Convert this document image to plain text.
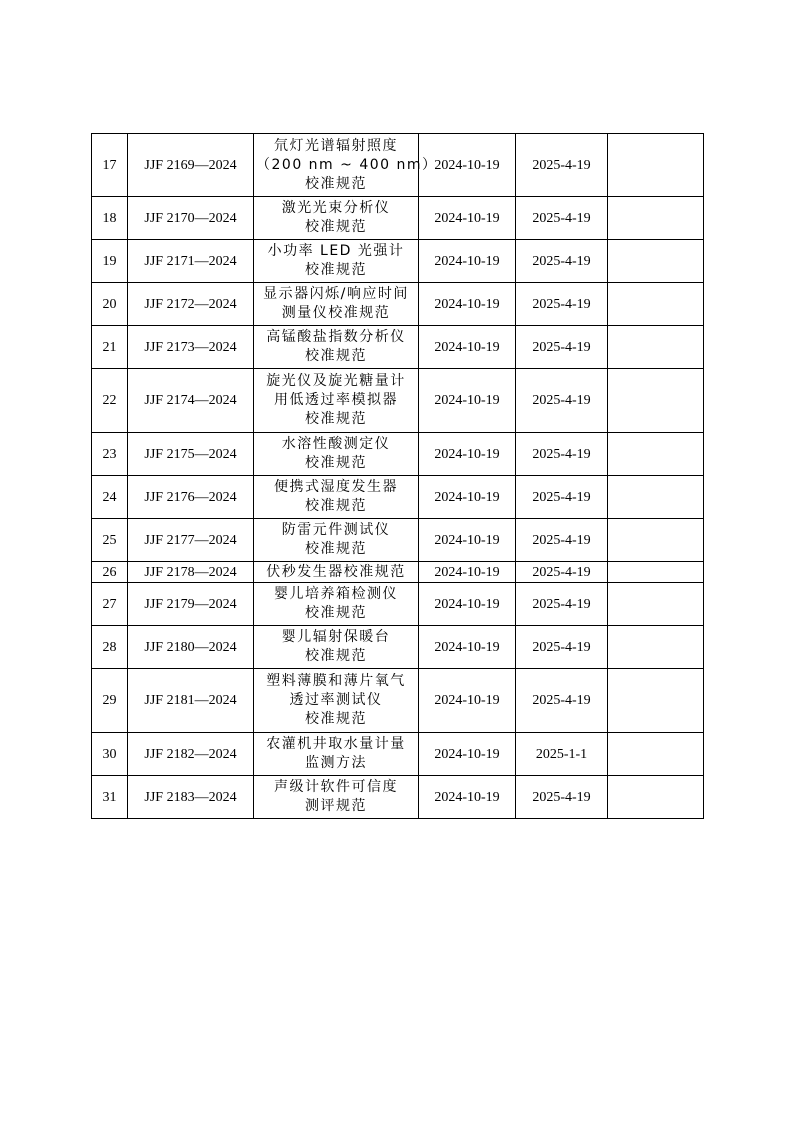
17	JJF 2169—2024	氘灯光谱辐射照度
（200 nm ~ 400 nm）
校准规范	2024-10-19	2025-4-19	
18	JJF 2170—2024	激光光束分析仪
校准规范	2024-10-19	2025-4-19	
19	JJF 2171—2024	小功率 LED 光强计
校准规范	2024-10-19	2025-4-19	
20	JJF 2172—2024	显示器闪烁/响应时间
测量仪校准规范	2024-10-19	2025-4-19	
21	JJF 2173—2024	高锰酸盐指数分析仪
校准规范	2024-10-19	2025-4-19	
22	JJF 2174—2024	旋光仪及旋光糖量计
用低透过率模拟器
校准规范	2024-10-19	2025-4-19	
23	JJF 2175—2024	水溶性酸测定仪
校准规范	2024-10-19	2025-4-19	
24	JJF 2176—2024	便携式湿度发生器
校准规范	2024-10-19	2025-4-19	
25	JJF 2177—2024	防雷元件测试仪
校准规范	2024-10-19	2025-4-19	
26	JJF 2178—2024	伏秒发生器校准规范	2024-10-19	2025-4-19	
27	JJF 2179—2024	婴儿培养箱检测仪
校准规范	2024-10-19	2025-4-19	
28	JJF 2180—2024	婴儿辐射保暖台
校准规范	2024-10-19	2025-4-19	
29	JJF 2181—2024	塑料薄膜和薄片氧气
透过率测试仪
校准规范	2024-10-19	2025-4-19	
30	JJF 2182—2024	农灌机井取水量计量
监测方法	2024-10-19	2025-1-1	
31	JJF 2183—2024	声级计软件可信度
测评规范	2024-10-19	2025-4-19	
